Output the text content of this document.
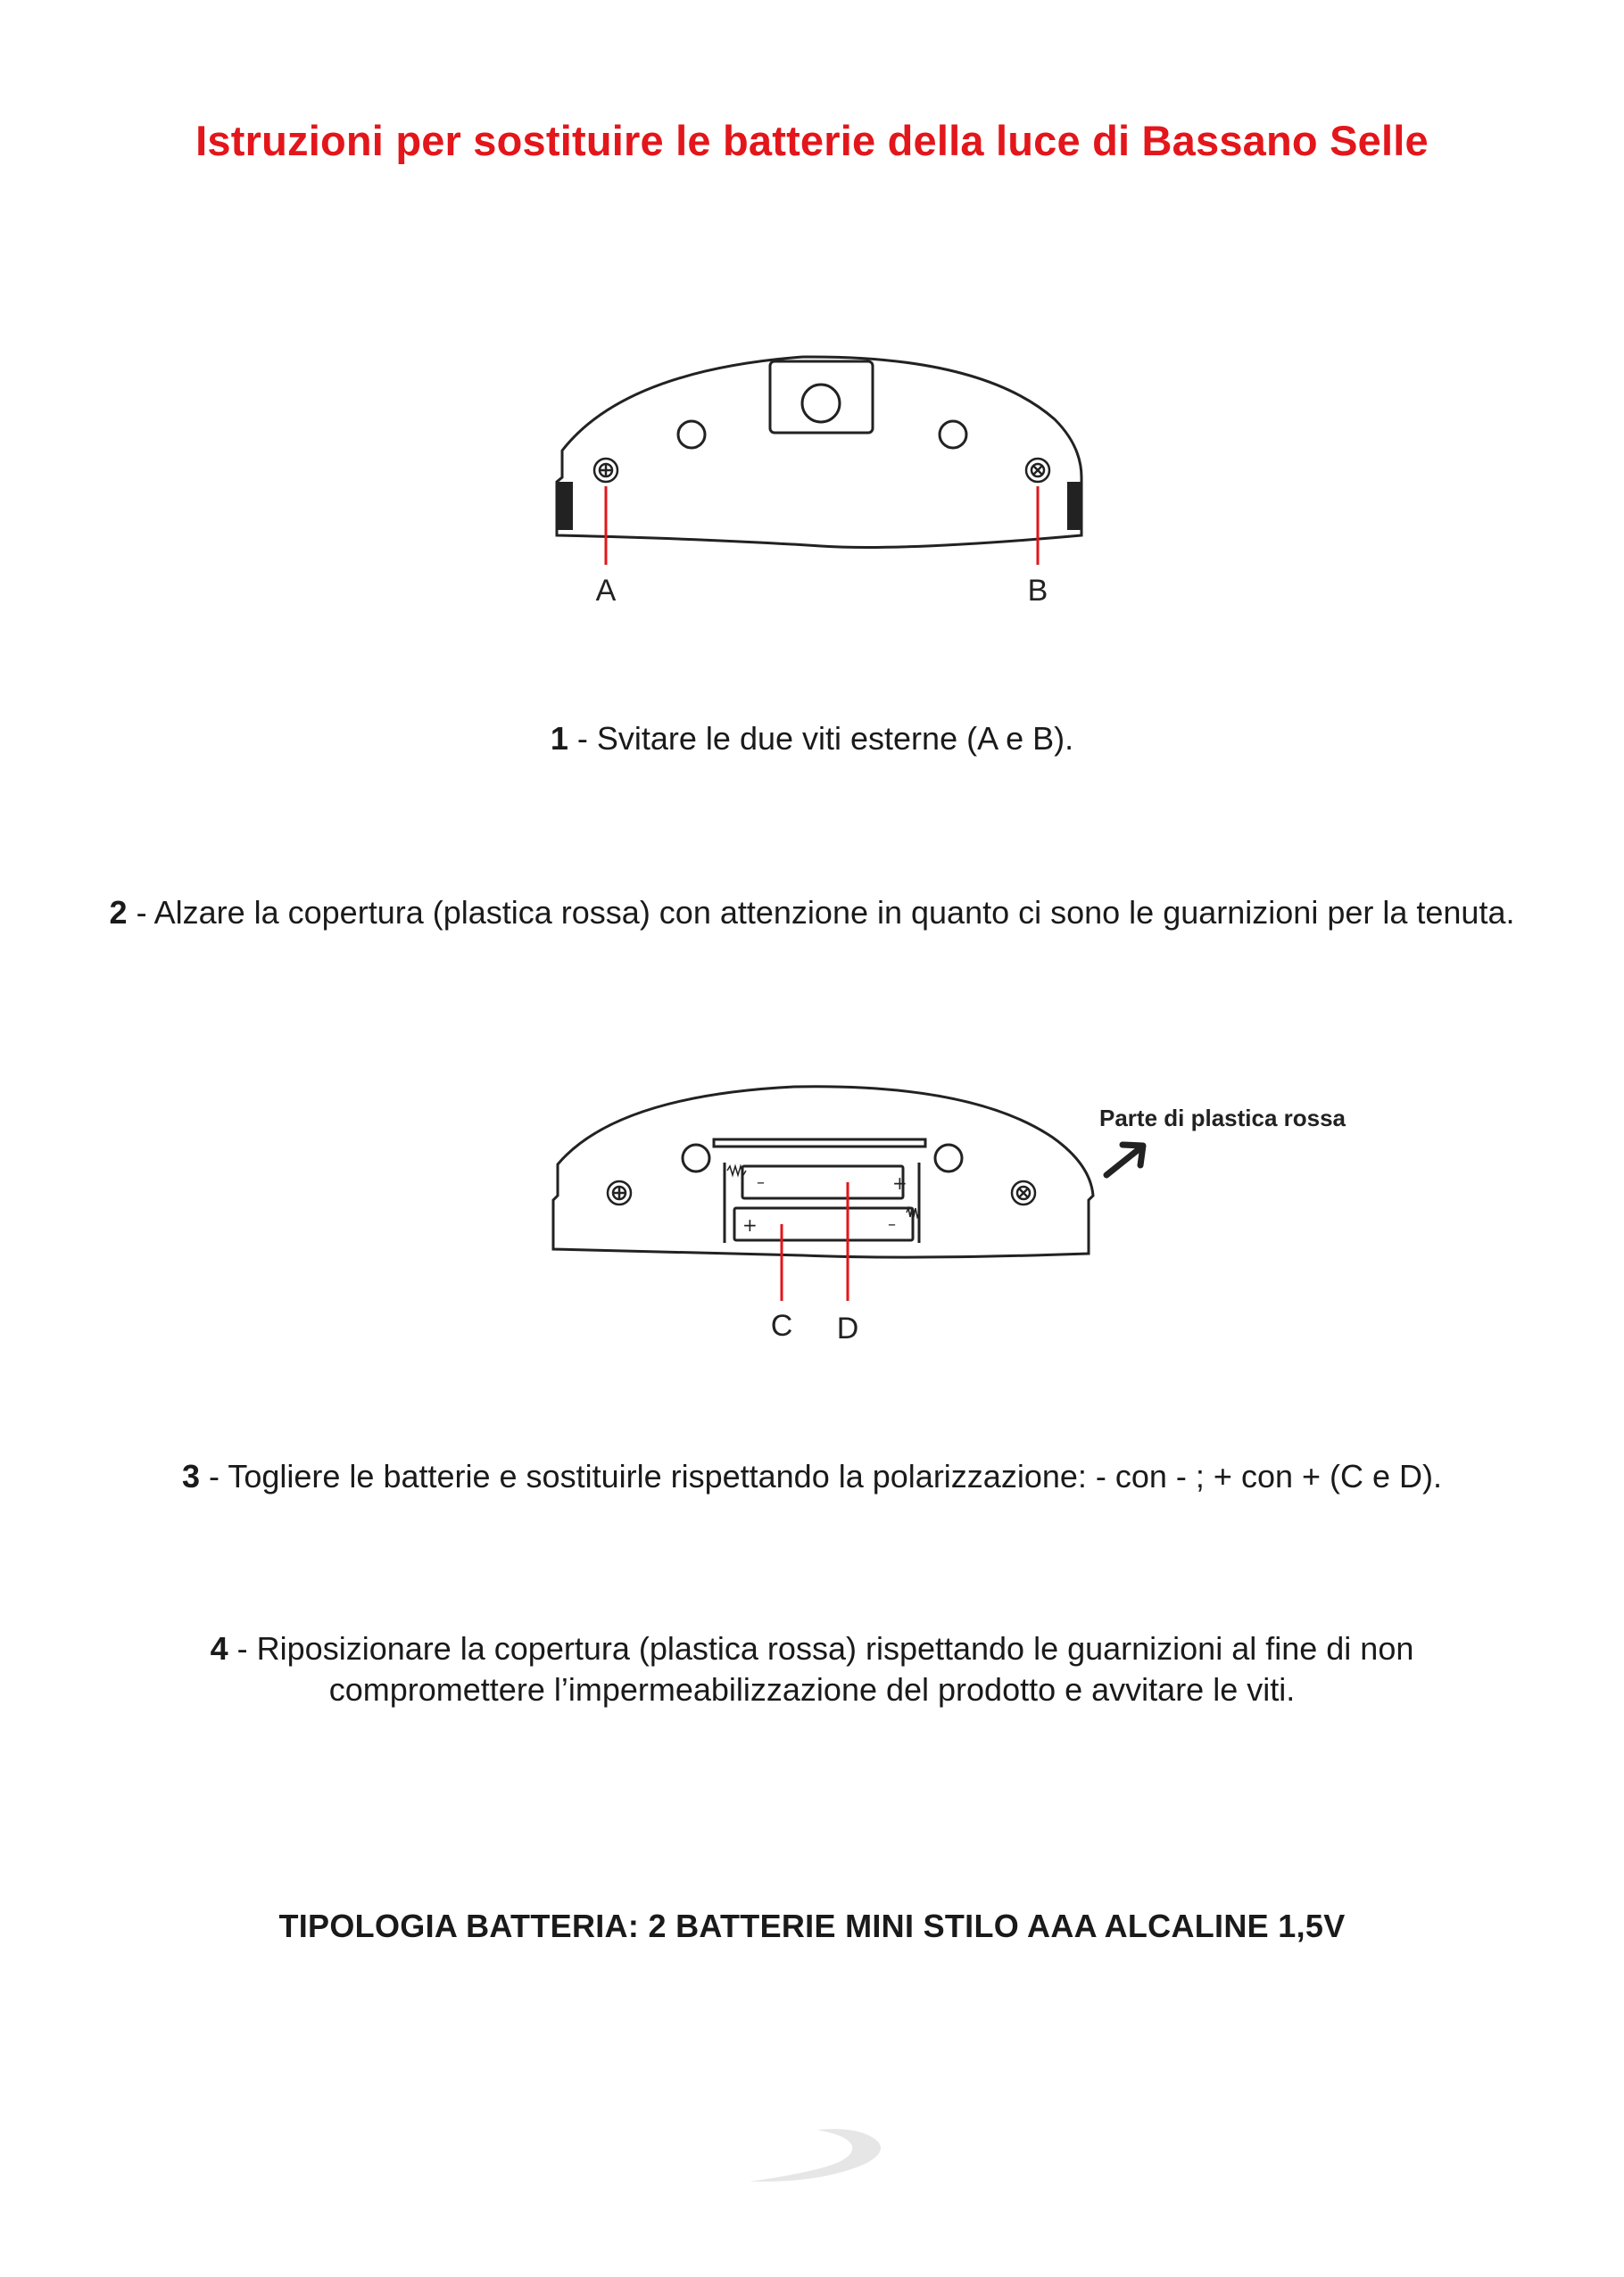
Istruzioni per sostituire le batterie della luce di Bassano Selle
A	B
1 - Svitare le due viti esterne (A e B).
2 - Alzare la copertura (plastica rossa) con attenzione in quanto ci sono le guarnizioni per la tenuta.
–	+
+	–
C D
Parte di plastica rossa
3 - Togliere le batterie e sostituirle rispettando la polarizzazione: - con - ; + con + (C e D).
4 - Riposizionare la copertura (plastica rossa) rispettando le guarnizioni al fine di non compromettere l’impermeabilizzazione del prodotto e avvitare le viti.
TIPOLOGIA BATTERIA: 2 BATTERIE MINI STILO AAA ALCALINE 1,5V
